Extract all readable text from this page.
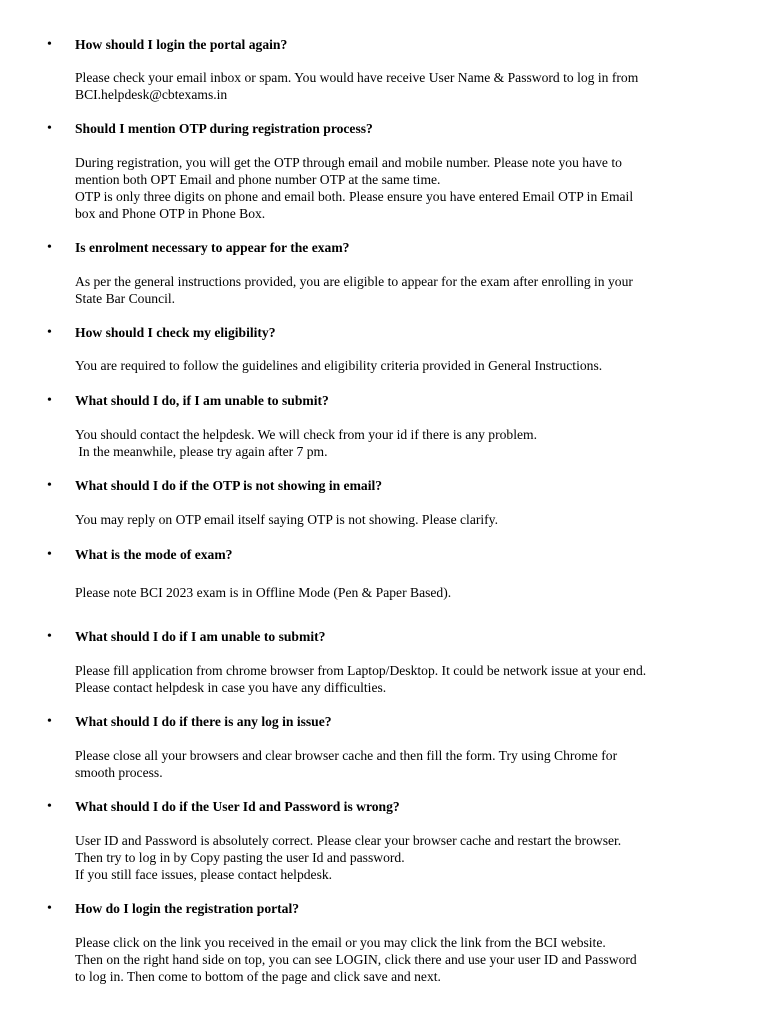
• How should I login the portal again?
Please check your email inbox or spam. You would have receive User Name & Password to log in from
BCI.helpdesk@cbtexams.in
• Should I mention OTP during registration process?
During registration, you will get the OTP through email and mobile number. Please note you have to
mention both OPT Email and phone number OTP at the same time.
OTP is only three digits on phone and email both. Please ensure you have entered Email OTP in Email
box and Phone OTP in Phone Box.
• Is enrolment necessary to appear for the exam?
As per the general instructions provided, you are eligible to appear for the exam after enrolling in your
State Bar Council.
• How should I check my eligibility?
You are required to follow the guidelines and eligibility criteria provided in General Instructions.
• What should I do, if I am unable to submit?
You should contact the helpdesk. We will check from your id if there is any problem.
In the meanwhile, please try again after 7 pm.
• What should I do if the OTP is not showing in email?
You may reply on OTP email itself saying OTP is not showing. Please clarify.
• What is the mode of exam?
Please note BCI 2023 exam is in Offline Mode (Pen & Paper Based).
• What should I do if I am unable to submit?
Please fill application from chrome browser from Laptop/Desktop. It could be network issue at your end.
Please contact helpdesk in case you have any difficulties.
• What should I do if there is any log in issue?
Please close all your browsers and clear browser cache and then fill the form. Try using Chrome for
smooth process.
• What should I do if the User Id and Password is wrong?
User ID and Password is absolutely correct. Please clear your browser cache and restart the browser.
Then try to log in by Copy pasting the user Id and password.
If you still face issues, please contact helpdesk.
• How do I login the registration portal?
Please click on the link you received in the email or you may click the link from the BCI website.
Then on the right hand side on top, you can see LOGIN, click there and use your user ID and Password
to log in. Then come to bottom of the page and click save and next.
